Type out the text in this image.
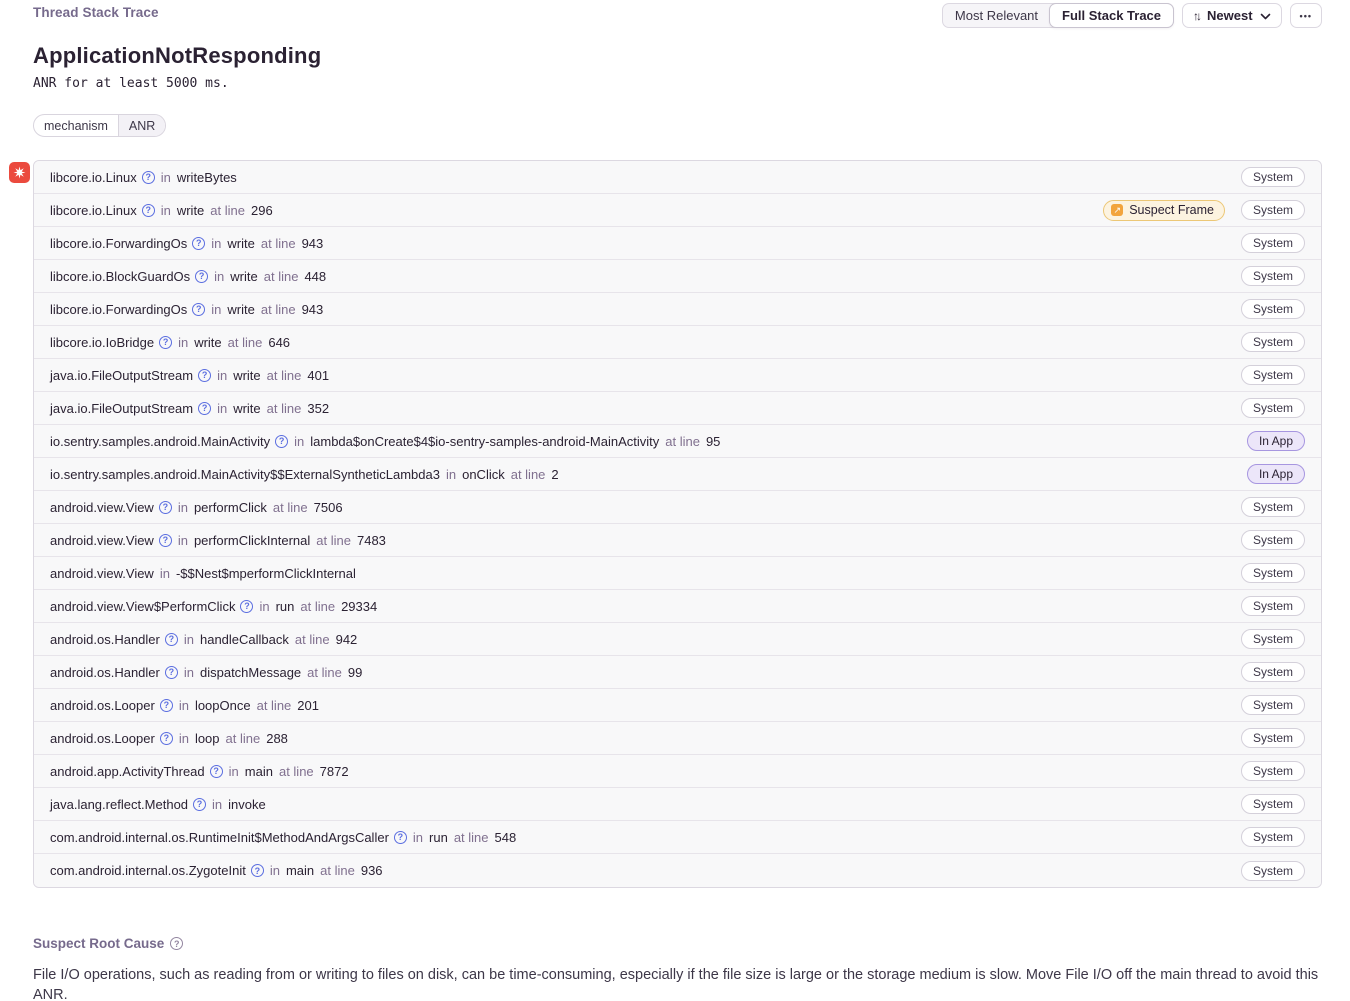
Thread Stack Trace	Most Relevant	Full Stack Trace	↑↓ Newest	•••
ApplicationNotResponding
ANR for at least 5000 ms.
mechanism	ANR
libcore.io.Linux ? in writeBytes	System
libcore.io.Linux ? in write at line 296	↗ Suspect Frame	System
libcore.io.ForwardingOs ? in write at line 943	System
libcore.io.BlockGuardOs ? in write at line 448	System
libcore.io.ForwardingOs ? in write at line 943	System
libcore.io.IoBridge ? in write at line 646	System
java.io.FileOutputStream ? in write at line 401	System
java.io.FileOutputStream ? in write at line 352	System
io.sentry.samples.android.MainActivity ? in lambda$onCreate$4$io-sentry-samples-android-MainActivity at line 95	In App
io.sentry.samples.android.MainActivity$$ExternalSyntheticLambda3 in onClick at line 2	In App
android.view.View ? in performClick at line 7506	System
android.view.View ? in performClickInternal at line 7483	System
android.view.View in -$$Nest$mperformClickInternal	System
android.view.View$PerformClick ? in run at line 29334	System
android.os.Handler ? in handleCallback at line 942	System
android.os.Handler ? in dispatchMessage at line 99	System
android.os.Looper ? in loopOnce at line 201	System
android.os.Looper ? in loop at line 288	System
android.app.ActivityThread ? in main at line 7872	System
java.lang.reflect.Method ? in invoke	System
com.android.internal.os.RuntimeInit$MethodAndArgsCaller ? in run at line 548	System
com.android.internal.os.ZygoteInit ? in main at line 936	System
Suspect Root Cause	?
File I/O operations, such as reading from or writing to files on disk, can be time-consuming, especially if the file size is large or the storage medium is slow. Move File I/O off the main thread to avoid this ANR.
